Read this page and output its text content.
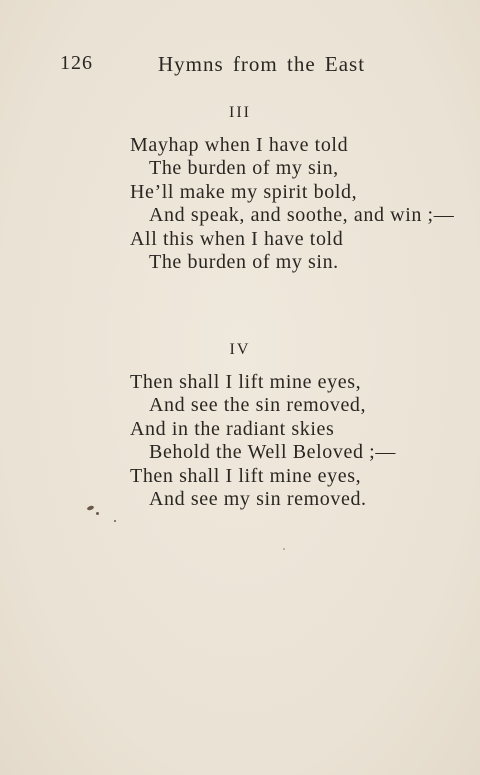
126	Hymns from the East
III
Mayhap when I have told
The burden of my sin,
He’ll make my spirit bold,
And speak, and soothe, and win ;—
All this when I have told
The burden of my sin.
IV
Then shall I lift mine eyes,
And see the sin removed,
And in the radiant skies
Behold the Well Beloved ;—
Then shall I lift mine eyes,
And see my sin removed.
